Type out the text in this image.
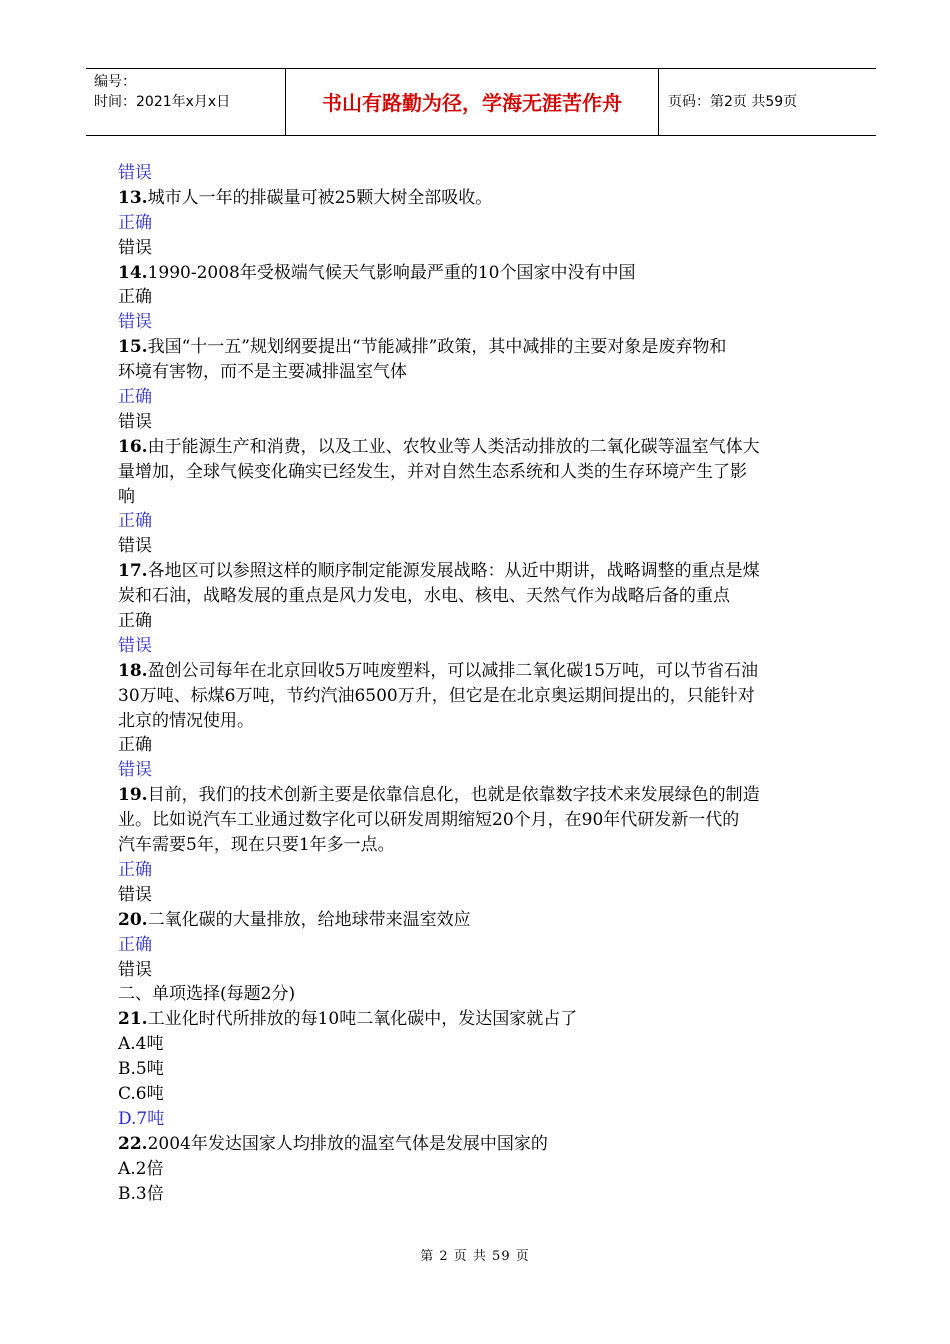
编号：
时间：2021年x月x日	书山有路勤为径，学海无涯苦作舟	页码：第2页 共59页
错误
13.城市人一年的排碳量可被25颗大树全部吸收。
正确
错误
14.1990-2008年受极端气候天气影响最严重的10个国家中没有中国
正确
错误
15.我国“十一五”规划纲要提出“节能减排”政策，其中减排的主要对象是废弃物和
环境有害物，而不是主要减排温室气体
正确
错误
16.由于能源生产和消费，以及工业、农牧业等人类活动排放的二氧化碳等温室气体大
量增加，全球气候变化确实已经发生，并对自然生态系统和人类的生存环境产生了影
响
正确
错误
17.各地区可以参照这样的顺序制定能源发展战略：从近中期讲，战略调整的重点是煤
炭和石油，战略发展的重点是风力发电，水电、核电、天然气作为战略后备的重点
正确
错误
18.盈创公司每年在北京回收5万吨废塑料，可以减排二氧化碳15万吨，可以节省石油
30万吨、标煤6万吨，节约汽油6500万升，但它是在北京奥运期间提出的，只能针对
北京的情况使用。
正确
错误
19.目前，我们的技术创新主要是依靠信息化，也就是依靠数字技术来发展绿色的制造
业。比如说汽车工业通过数字化可以研发周期缩短20个月，在90年代研发新一代的
汽车需要5年，现在只要1年多一点。
正确
错误
20.二氧化碳的大量排放，给地球带来温室效应
正确
错误
二、单项选择(每题2分)
21.工业化时代所排放的每10吨二氧化碳中，发达国家就占了
A.4吨
B.5吨
C.6吨
D.7吨
22.2004年发达国家人均排放的温室气体是发展中国家的
A.2倍
B.3倍
第 2 页 共 59 页
